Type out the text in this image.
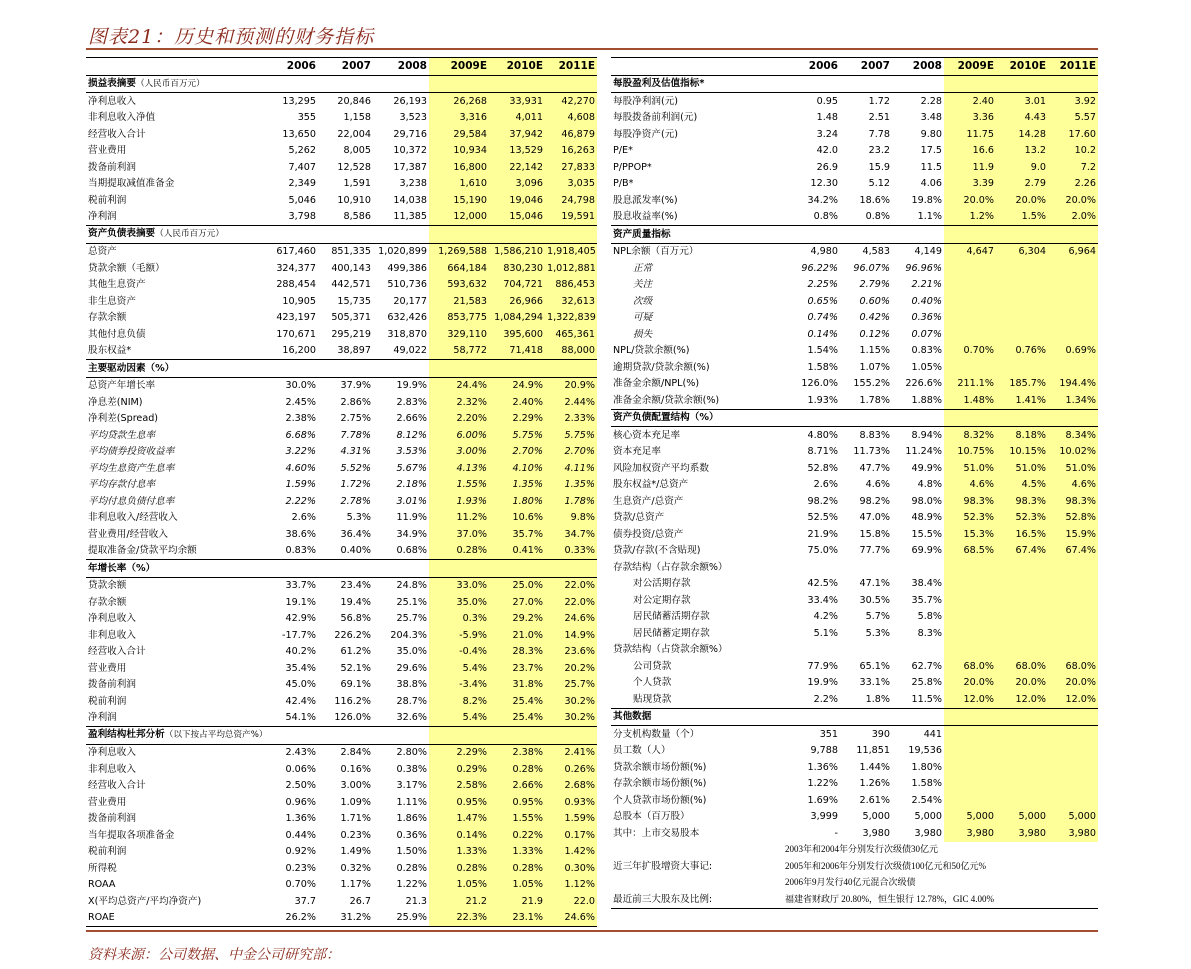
图表21：历史和预测的财务指标
	2006	2007	2008	2009E	2010E	2011E
损益表摘要（人民币百万元）						
净利息收入	13,295	20,846	26,193	26,268	33,931	42,270
非利息收入净值	355	1,158	3,523	3,316	4,011	4,608
经营收入合计	13,650	22,004	29,716	29,584	37,942	46,879
营业费用	5,262	8,005	10,372	10,934	13,529	16,263
拨备前利润	7,407	12,528	17,387	16,800	22,142	27,833
当期提取减值准备金	2,349	1,591	3,238	1,610	3,096	3,035
税前利润	5,046	10,910	14,038	15,190	19,046	24,798
净利润	3,798	8,586	11,385	12,000	15,046	19,591
资产负债表摘要（人民币百万元）						
总资产	617,460	851,335	1,020,899	1,269,588	1,586,210	1,918,405
贷款余额（毛额）	324,377	400,143	499,386	664,184	830,230	1,012,881
其他生息资产	288,454	442,571	510,736	593,632	704,721	886,453
非生息资产	10,905	15,735	20,177	21,583	26,966	32,613
存款余额	423,197	505,371	632,426	853,775	1,084,294	1,322,839
其他付息负债	170,671	295,219	318,870	329,110	395,600	465,361
股东权益*	16,200	38,897	49,022	58,772	71,418	88,000
主要驱动因素（%）						
总资产年增长率	30.0%	37.9%	19.9%	24.4%	24.9%	20.9%
净息差(NIM)	2.45%	2.86%	2.83%	2.32%	2.40%	2.44%
净利差(Spread)	2.38%	2.75%	2.66%	2.20%	2.29%	2.33%
平均贷款生息率	6.68%	7.78%	8.12%	6.00%	5.75%	5.75%
平均债券投资收益率	3.22%	4.31%	3.53%	3.00%	2.70%	2.70%
平均生息资产生息率	4.60%	5.52%	5.67%	4.13%	4.10%	4.11%
平均存款付息率	1.59%	1.72%	2.18%	1.55%	1.35%	1.35%
平均付息负债付息率	2.22%	2.78%	3.01%	1.93%	1.80%	1.78%
非利息收入/经营收入	2.6%	5.3%	11.9%	11.2%	10.6%	9.8%
营业费用/经营收入	38.6%	36.4%	34.9%	37.0%	35.7%	34.7%
提取准备金/贷款平均余额	0.83%	0.40%	0.68%	0.28%	0.41%	0.33%
年增长率（%）						
贷款余额	33.7%	23.4%	24.8%	33.0%	25.0%	22.0%
存款余额	19.1%	19.4%	25.1%	35.0%	27.0%	22.0%
净利息收入	42.9%	56.8%	25.7%	0.3%	29.2%	24.6%
非利息收入	-17.7%	226.2%	204.3%	-5.9%	21.0%	14.9%
经营收入合计	40.2%	61.2%	35.0%	-0.4%	28.3%	23.6%
营业费用	35.4%	52.1%	29.6%	5.4%	23.7%	20.2%
拨备前利润	45.0%	69.1%	38.8%	-3.4%	31.8%	25.7%
税前利润	42.4%	116.2%	28.7%	8.2%	25.4%	30.2%
净利润	54.1%	126.0%	32.6%	5.4%	25.4%	30.2%
盈利结构杜邦分析（以下按占平均总资产%）						
净利息收入	2.43%	2.84%	2.80%	2.29%	2.38%	2.41%
非利息收入	0.06%	0.16%	0.38%	0.29%	0.28%	0.26%
经营收入合计	2.50%	3.00%	3.17%	2.58%	2.66%	2.68%
营业费用	0.96%	1.09%	1.11%	0.95%	0.95%	0.93%
拨备前利润	1.36%	1.71%	1.86%	1.47%	1.55%	1.59%
当年提取各项准备金	0.44%	0.23%	0.36%	0.14%	0.22%	0.17%
税前利润	0.92%	1.49%	1.50%	1.33%	1.33%	1.42%
所得税	0.23%	0.32%	0.28%	0.28%	0.28%	0.30%
ROAA	0.70%	1.17%	1.22%	1.05%	1.05%	1.12%
X(平均总资产/平均净资产)	37.7	26.7	21.3	21.2	21.9	22.0
ROAE	26.2%	31.2%	25.9%	22.3%	23.1%	24.6%
	2006	2007	2008	2009E	2010E	2011E
每股盈利及估值指标*						
每股净利润(元)	0.95	1.72	2.28	2.40	3.01	3.92
每股拨备前利润(元)	1.48	2.51	3.48	3.36	4.43	5.57
每股净资产(元)	3.24	7.78	9.80	11.75	14.28	17.60
P/E*	42.0	23.2	17.5	16.6	13.2	10.2
P/PPOP*	26.9	15.9	11.5	11.9	9.0	7.2
P/B*	12.30	5.12	4.06	3.39	2.79	2.26
股息派发率(%)	34.2%	18.6%	19.8%	20.0%	20.0%	20.0%
股息收益率(%)	0.8%	0.8%	1.1%	1.2%	1.5%	2.0%
资产质量指标						
NPL余额（百万元）	4,980	4,583	4,149	4,647	6,304	6,964
正常	96.22%	96.07%	96.96%			
关注	2.25%	2.79%	2.21%			
次级	0.65%	0.60%	0.40%			
可疑	0.74%	0.42%	0.36%			
损失	0.14%	0.12%	0.07%			
NPL/贷款余额(%)	1.54%	1.15%	0.83%	0.70%	0.76%	0.69%
逾期贷款/贷款余额(%)	1.58%	1.07%	1.05%			
准备金余额/NPL(%)	126.0%	155.2%	226.6%	211.1%	185.7%	194.4%
准备金余额/贷款余额(%)	1.93%	1.78%	1.88%	1.48%	1.41%	1.34%
资产负债配置结构（%）						
核心资本充足率	4.80%	8.83%	8.94%	8.32%	8.18%	8.34%
资本充足率	8.71%	11.73%	11.24%	10.75%	10.15%	10.02%
风险加权资产平均系数	52.8%	47.7%	49.9%	51.0%	51.0%	51.0%
股东权益*/总资产	2.6%	4.6%	4.8%	4.6%	4.5%	4.6%
生息资产/总资产	98.2%	98.2%	98.0%	98.3%	98.3%	98.3%
贷款/总资产	52.5%	47.0%	48.9%	52.3%	52.3%	52.8%
债券投资/总资产	21.9%	15.8%	15.5%	15.3%	16.5%	15.9%
贷款/存款(不含贴现)	75.0%	77.7%	69.9%	68.5%	67.4%	67.4%
存款结构（占存款余额%）						
对公活期存款	42.5%	47.1%	38.4%			
对公定期存款	33.4%	30.5%	35.7%			
居民储蓄活期存款	4.2%	5.7%	5.8%			
居民储蓄定期存款	5.1%	5.3%	8.3%			
贷款结构（占贷款余额%）						
公司贷款	77.9%	65.1%	62.7%	68.0%	68.0%	68.0%
个人贷款	19.9%	33.1%	25.8%	20.0%	20.0%	20.0%
贴现贷款	2.2%	1.8%	11.5%	12.0%	12.0%	12.0%
其他数据						
分支机构数量（个）	351	390	441			
员工数（人）	9,788	11,851	19,536			
贷款余额市场份额(%)	1.36%	1.44%	1.80%			
存款余额市场份额(%)	1.22%	1.26%	1.58%			
个人贷款市场份额(%)	1.69%	2.61%	2.54%			
总股本（百万股）	3,999	5,000	5,000	5,000	5,000	5,000
其中：上市交易股本	-	3,980	3,980	3,980	3,980	3,980
	2003年和2004年分别发行次级债30亿元					
近三年扩股增资大事记:	2005年和2006年分别发行次级债100亿元和50亿元%					
	2006年9月发行40亿元混合次级债					
最近前三大股东及比例:	福建省财政厅 20.80%，恒生银行 12.78%，GIC 4.00%					
资料来源：公司数据、中金公司研究部：
